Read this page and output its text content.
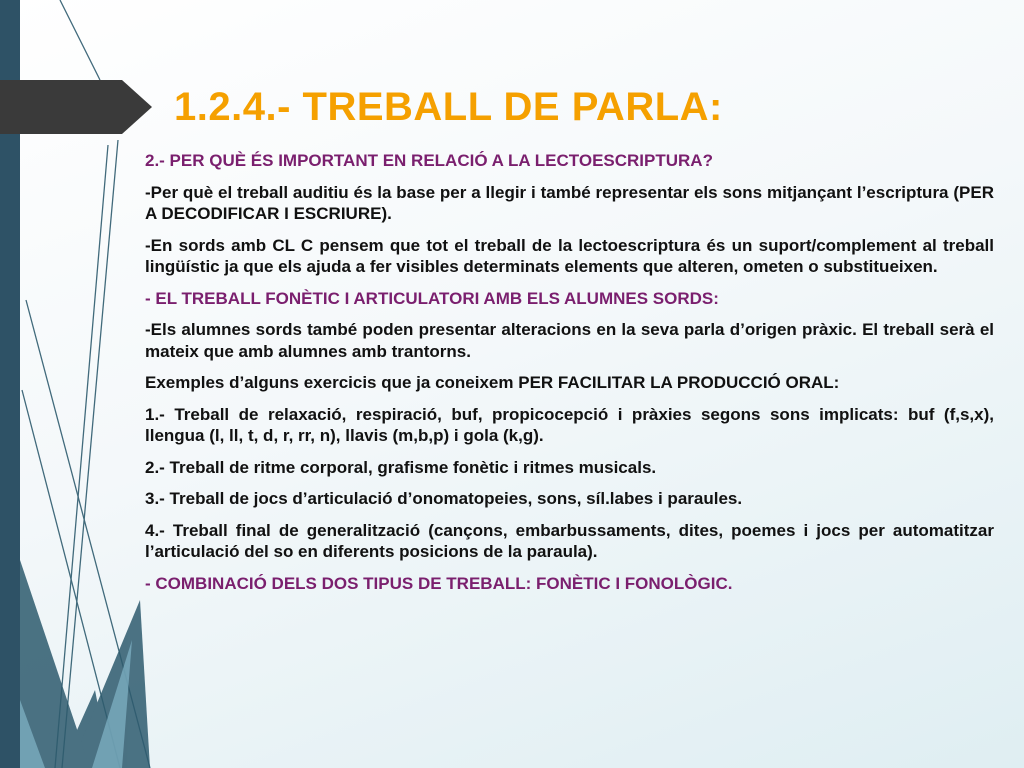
1.2.4.- TREBALL DE PARLA:

2.- PER QUÈ ÉS IMPORTANT EN RELACIÓ A LA LECTOESCRIPTURA?

-Per què el treball auditiu és la base per a llegir i també representar els sons mitjançant l’escriptura (PER A DECODIFICAR I ESCRIURE).

-En sords amb CL C pensem que tot el treball de la lectoescriptura és un suport/complement al treball lingüístic ja que els ajuda a fer visibles determinats elements que alteren, ometen o substitueixen.

- EL TREBALL FONÈTIC I ARTICULATORI AMB ELS ALUMNES SORDS:

-Els alumnes sords també poden presentar alteracions en la seva parla d’origen pràxic. El treball serà el mateix que amb alumnes amb trantorns.

Exemples d’alguns exercicis que ja coneixem PER FACILITAR LA PRODUCCIÓ ORAL:

1.- Treball de relaxació, respiració, buf, propicocepció i pràxies segons sons implicats: buf (f,s,x), llengua (l, ll, t, d, r, rr, n), llavis (m,b,p) i gola (k,g).

2.- Treball de ritme corporal, grafisme fonètic i ritmes musicals.

3.- Treball de jocs d’articulació d’onomatopeies, sons, síl.labes i paraules.

4.- Treball final de generalització (cançons, embarbussaments, dites, poemes i jocs per automatitzar l’articulació del so en diferents posicions de la paraula).

- COMBINACIÓ DELS DOS TIPUS DE TREBALL: FONÈTIC I FONOLÒGIC.
